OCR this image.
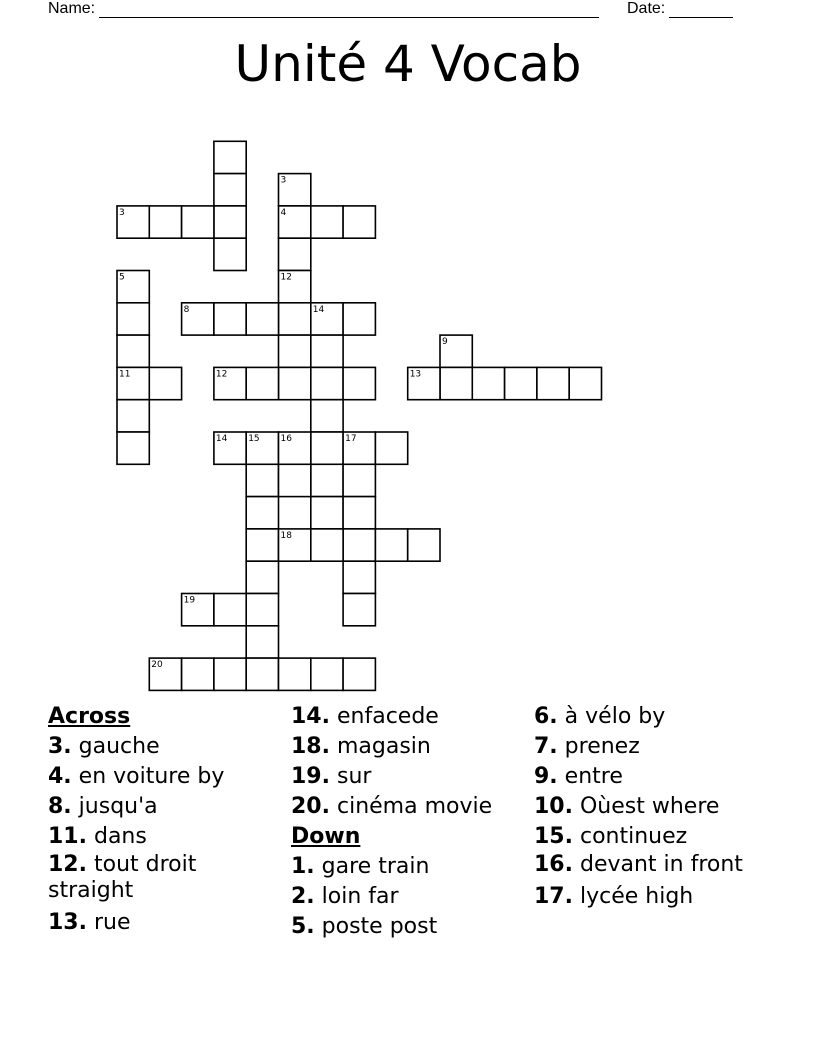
Name:	Date:
Unité 4 Vocab
3
3	4
5	12
8	14
9
11	12	13
14 15 16	17
18
19
20

Across

3. gauche

4. en voiture by

8. jusqu'a

11. dans

12. tout droit straight

13. rue

14. enfacede

18. magasin

19. sur

20. cinéma movie

Down

1. gare train

2. loin far

5. poste post

6. à vélo by

7. prenez

9. entre

10. Oùest where

15. continuez

16. devant in front

17. lycée high
